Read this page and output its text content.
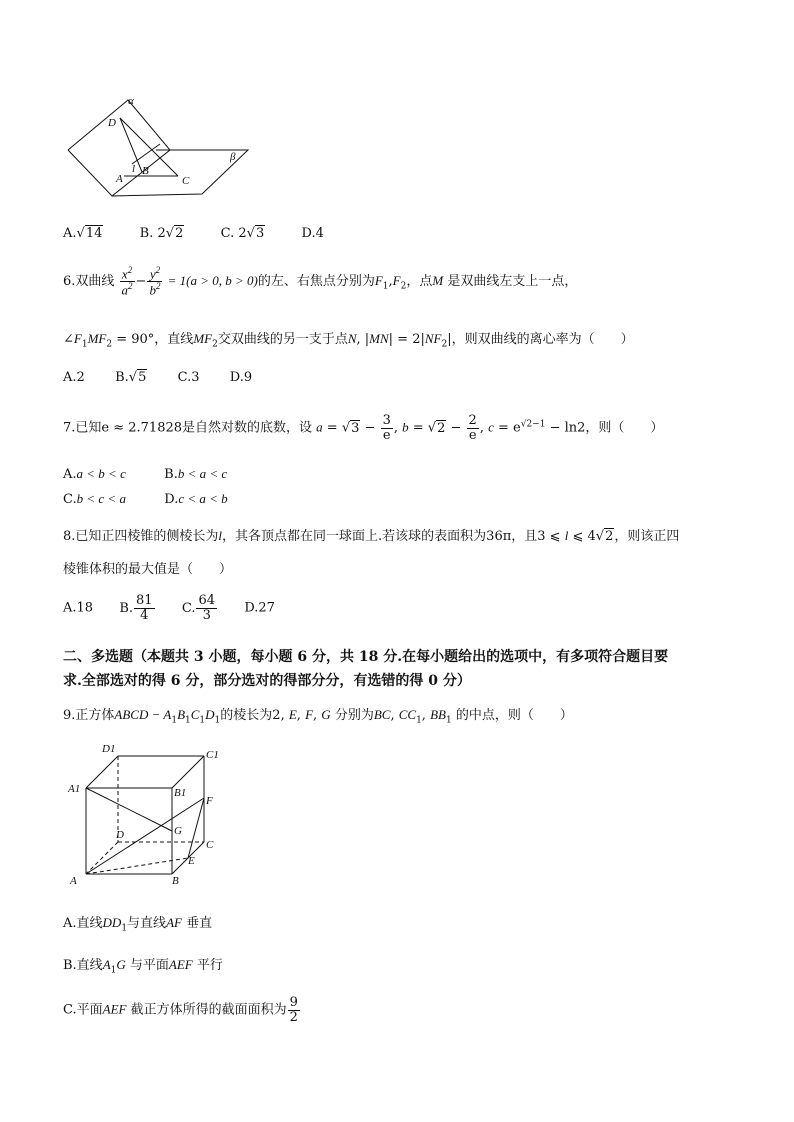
α
D
l
A
B
C
β
A.√14	B. 2√2	C. 2√3	D.4
6.双曲线 $\frac{x^2}{a^2} - \frac{y^2}{b^2} = 1(a > 0$, b > 0)的左、右焦点分别为$F_1,F_2$，点M 是双曲线左支上一点，
$\angle F_1MF_2 = 90^\circ$，直线$MF_2$交双曲线的另一支于点N, $|MN| = 2|NF_2|$，则双曲线的离心率为（　　）
A.2 B.√5 C.3 D.9
7.已知e ≈ 2.71828是自然对数的底数，设 $a = √3 - \frac{3}{e}$ , $b = √2 - \frac{2}{e}$ , $c = e^{√2-1} - \ln 2$，则（　　）
A.a < b < c	B.b < a < c
C.b < c < a	D.c < a < b
8.已知正四棱锥的侧棱长为l，其各顶点都在同一球面上.若该球的表面积为36π，且3 ⩽ l ⩽ 4√2，则该正四
棱锥体积的最大值是（　　）
A.18 B. $\frac{81}{4} C$. $\frac{64}{3} D.27$
二、多选题（本题共 3 小题，每小题 6 分，共 18 分.在每小题给出的选项中，有多项符合题目要
求.全部选对的得 6 分，部分选对的得部分分，有选错的得 0 分）
9.正方体ABCD − $A_1B_1C_1D_1$的棱长为2, E, F, G 分别为BC, $CC_1$, $BB_1$ 的中点，则（　　）
D1	C1
A1	B1
F
G
D
C
E
A	B
A.直线$DD_1$与直线AF 垂直
B.直线$A_1G$ 与平面AEF 平行
C.平面AEF 截正方体所得的截面面积为 $\frac{9}{2}$
